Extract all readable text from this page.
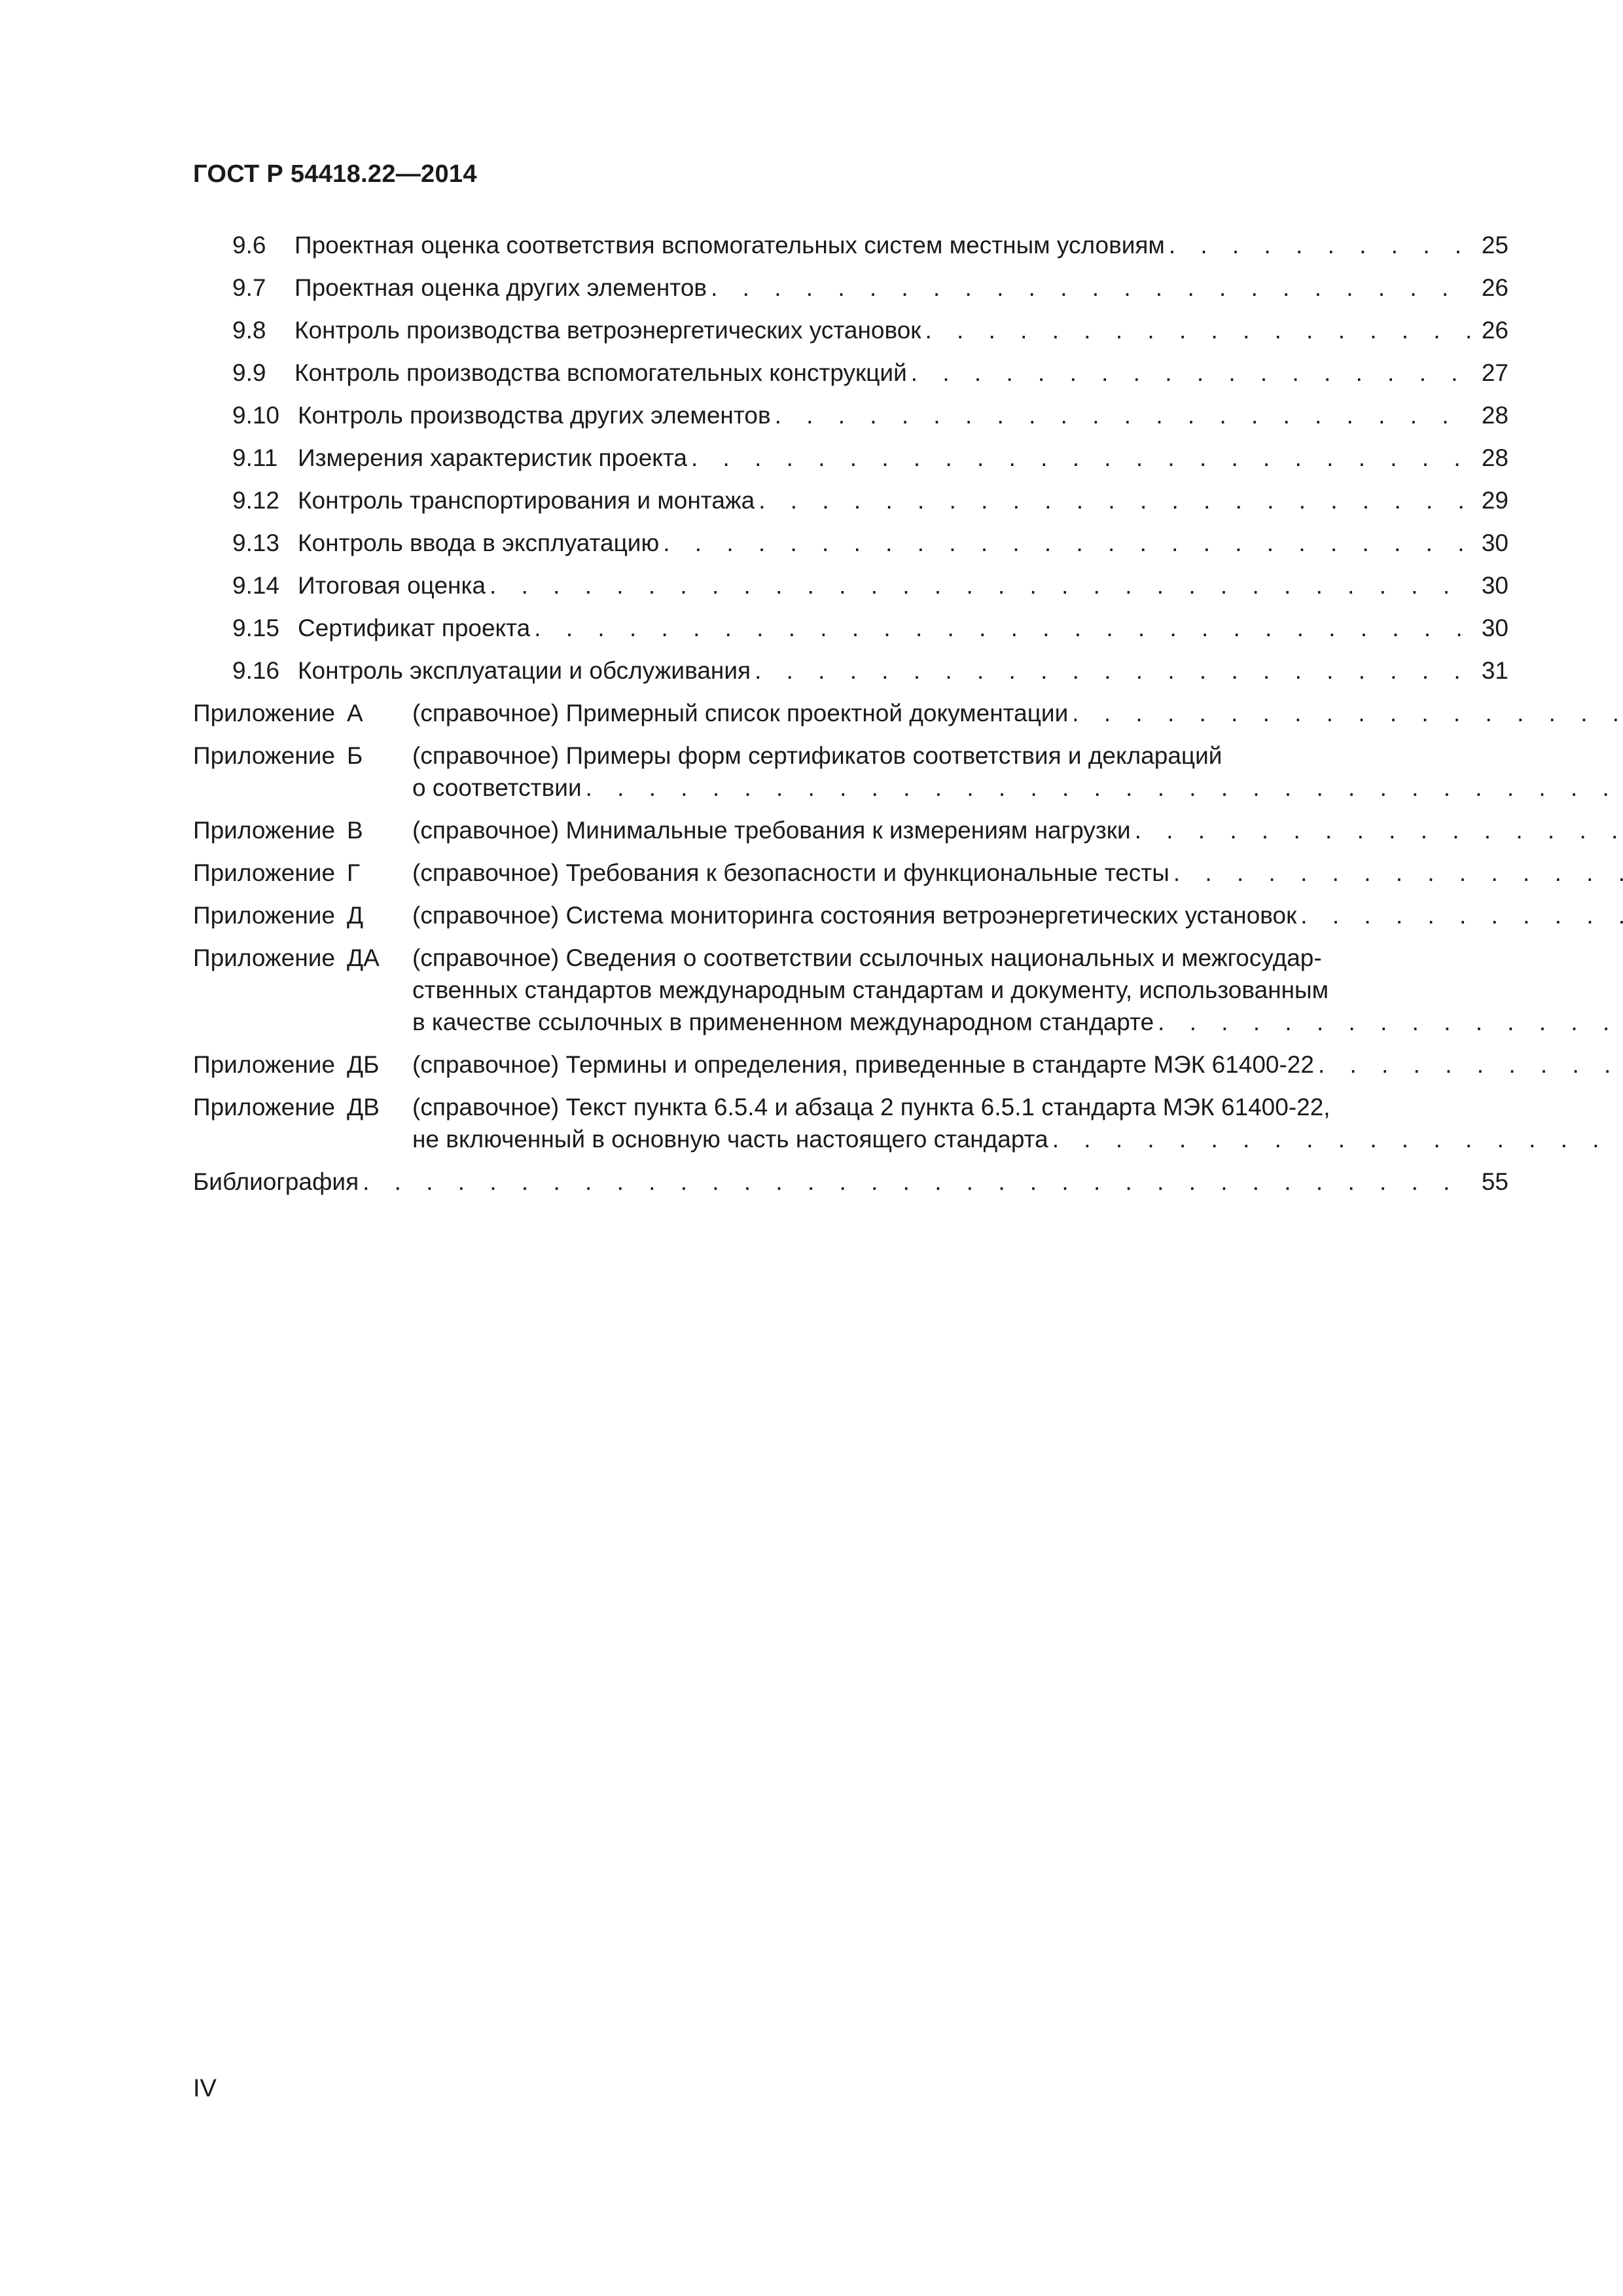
ГОСТ Р 54418.22—2014
9.6	Проектная оценка соответствия вспомогательных систем местным условиям . . .	25
9.7	Проектная оценка других элементов . . .	26
9.8	Контроль производства ветроэнергетических установок . . .	26
9.9	Контроль производства вспомогательных конструкций . . .	27
9.10 Контроль производства других элементов . . .	28
9.11 Измерения характеристик проекта . . .	28
9.12 Контроль транспортирования и монтажа . . .	29
9.13 Контроль ввода в эксплуатацию . . .	30
9.14 Итоговая оценка . . .	30
9.15 Сертификат проекта . . .	30
9.16 Контроль эксплуатации и обслуживания . . .	31
Приложение А	(справочное) Примерный список проектной документации
. . .
Приложение Б	(справочное) Примеры форм сертификатов соответствия и деклараций
о соответствии
. . .
Приложение В	(справочное) Минимальные требования к измерениям нагрузки
. . .
Приложение Г	(справочное) Требования к безопасности и функциональные тесты
. . .
Приложение Д	(справочное) Система мониторинга состояния ветроэнергетических установок
. . .
Приложение ДА	(справочное) Сведения о соответствии ссылочных национальных и межгосудар-
ственных стандартов международным стандартам и документу, использованным
в качестве ссылочных в примененном международном стандарте
. . .
Приложение ДБ	(справочное) Термины и определения, приведенные в стандарте МЭК 61400-22
. . .
Приложение ДВ	(справочное) Текст пункта 6.5.4 и абзаца 2 пункта 6.5.1 стандарта МЭК 61400-22,
не включенный в основную часть настоящего стандарта
. . .
Библиография . . .	55
IV
